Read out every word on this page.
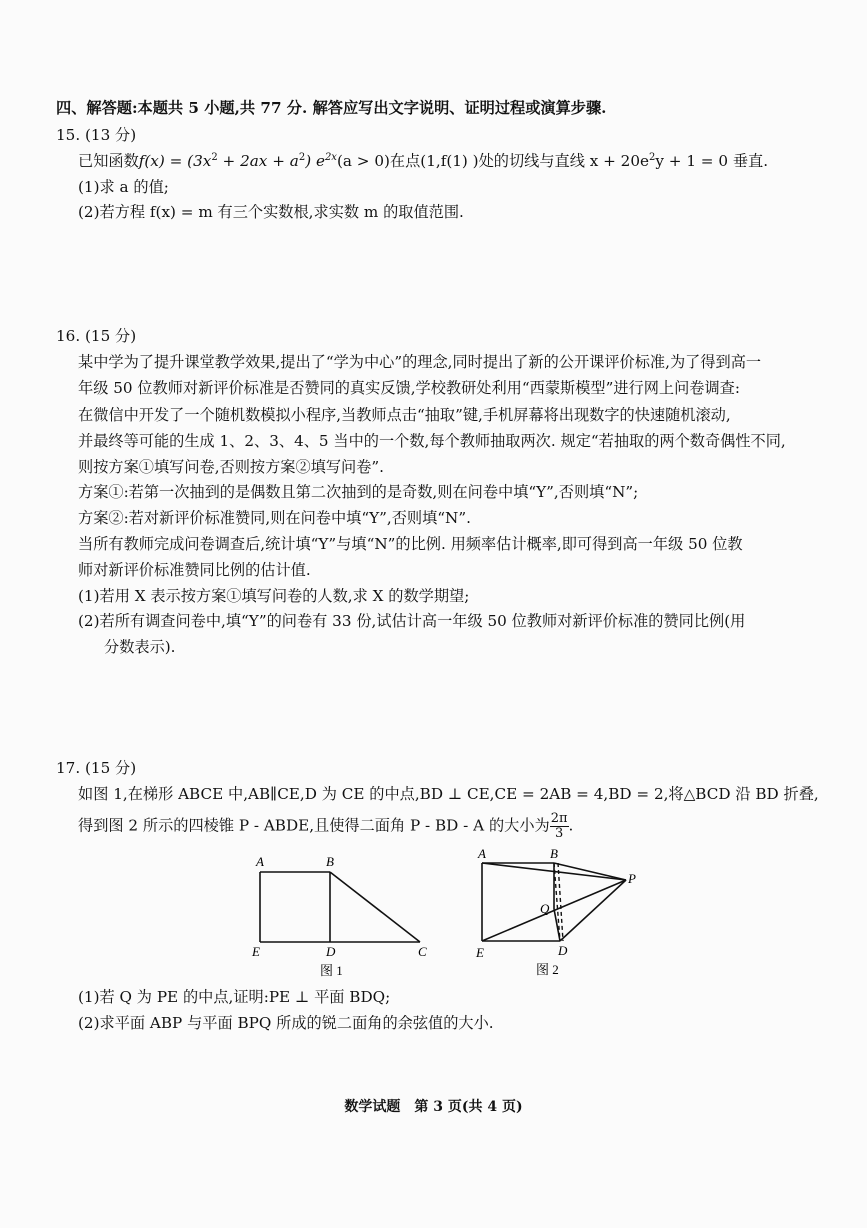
四、解答题:本题共 5 小题,共 77 分. 解答应写出文字说明、证明过程或演算步骤.
15. (13 分)
已知函数$f(x) = (3x^2 + 2ax + a^2) e^{2x}(a > 0)$在点(1,f(1) )处的切线与直线 $x + 20e^2y + 1 = 0$ 垂直.
(1)求 a 的值;
(2)若方程 f(x) = m 有三个实数根,求实数 m 的取值范围.
16. (15 分)
某中学为了提升课堂教学效果,提出了“学为中心”的理念,同时提出了新的公开课评价标准,为了得到高一
年级 50 位教师对新评价标准是否赞同的真实反馈,学校教研处利用“西蒙斯模型”进行网上问卷调查:
在微信中开发了一个随机数模拟小程序,当教师点击“抽取”键,手机屏幕将出现数字的快速随机滚动,
并最终等可能的生成 1、2、3、4、5 当中的一个数,每个教师抽取两次. 规定“若抽取的两个数奇偶性不同,
则按方案①填写问卷,否则按方案②填写问卷”.
方案①:若第一次抽到的是偶数且第二次抽到的是奇数,则在问卷中填“Y”,否则填“N”;
方案②:若对新评价标准赞同,则在问卷中填“Y”,否则填“N”.
当所有教师完成问卷调查后,统计填“Y”与填“N”的比例. 用频率估计概率,即可得到高一年级 50 位教
师对新评价标准赞同比例的估计值.
(1)若用 X 表示按方案①填写问卷的人数,求 X 的数学期望;
(2)若所有调查问卷中,填“Y”的问卷有 33 份,试估计高一年级 50 位教师对新评价标准的赞同比例(用
分数表示).
17. (15 分)
如图 1,在梯形 ABCE 中,AB∥CE,D 为 CE 的中点,BD ⊥ CE,CE = 2AB = 4,BD = 2,将△BCD 沿 BD 折叠,
得到图 2 所示的四棱锥 P - ABDE,且使得二面角 P - BD - A 的大小为 $\frac{2\pi}{3}$ .
A	B
E	D	C
图 1
A	B
P
Q
E	D
图 2
(1)若 Q 为 PE 的中点,证明:PE ⊥ 平面 BDQ;
(2)求平面 ABP 与平面 BPQ 所成的锐二面角的余弦值的大小.
数学试题　第 3 页(共 4 页)
